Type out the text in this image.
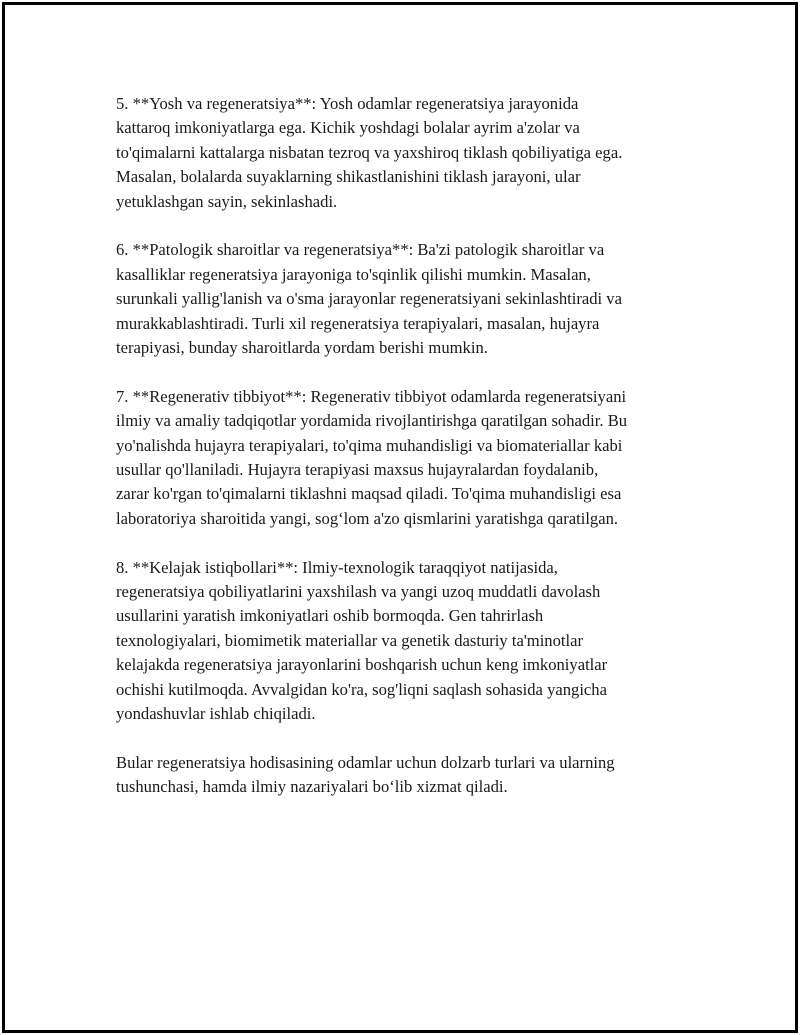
5. **Yosh va regeneratsiya**: Yosh odamlar regeneratsiya jarayonida
kattaroq imkoniyatlarga ega. Kichik yoshdagi bolalar ayrim a'zolar va
to'qimalarni kattalarga nisbatan tezroq va yaxshiroq tiklash qobiliyatiga ega.
Masalan, bolalarda suyaklarning shikastlanishini tiklash jarayoni, ular
yetuklashgan sayin, sekinlashadi.

6. **Patologik sharoitlar va regeneratsiya**: Ba'zi patologik sharoitlar va
kasalliklar regeneratsiya jarayoniga to'sqinlik qilishi mumkin. Masalan,
surunkali yallig'lanish va o'sma jarayonlar regeneratsiyani sekinlashtiradi va
murakkablashtiradi. Turli xil regeneratsiya terapiyalari, masalan, hujayra
terapiyasi, bunday sharoitlarda yordam berishi mumkin.

7. **Regenerativ tibbiyot**: Regenerativ tibbiyot odamlarda regeneratsiyani
ilmiy va amaliy tadqiqotlar yordamida rivojlantirishga qaratilgan sohadir. Bu
yo'nalishda hujayra terapiyalari, to'qima muhandisligi va biomateriallar kabi
usullar qo'llaniladi. Hujayra terapiyasi maxsus hujayralardan foydalanib,
zarar ko'rgan to'qimalarni tiklashni maqsad qiladi. To'qima muhandisligi esa
laboratoriya sharoitida yangi, sogʻlom a'zo qismlarini yaratishga qaratilgan.

8. **Kelajak istiqbollari**: Ilmiy-texnologik taraqqiyot natijasida,
regeneratsiya qobiliyatlarini yaxshilash va yangi uzoq muddatli davolash
usullarini yaratish imkoniyatlari oshib bormoqda. Gen tahrirlash
texnologiyalari, biomimetik materiallar va genetik dasturiy ta'minotlar
kelajakda regeneratsiya jarayonlarini boshqarish uchun keng imkoniyatlar
ochishi kutilmoqda. Avvalgidan ko'ra, sog'liqni saqlash sohasida yangicha
yondashuvlar ishlab chiqiladi.

Bular regeneratsiya hodisasining odamlar uchun dolzarb turlari va ularning
tushunchasi, hamda ilmiy nazariyalari boʻlib xizmat qiladi.
